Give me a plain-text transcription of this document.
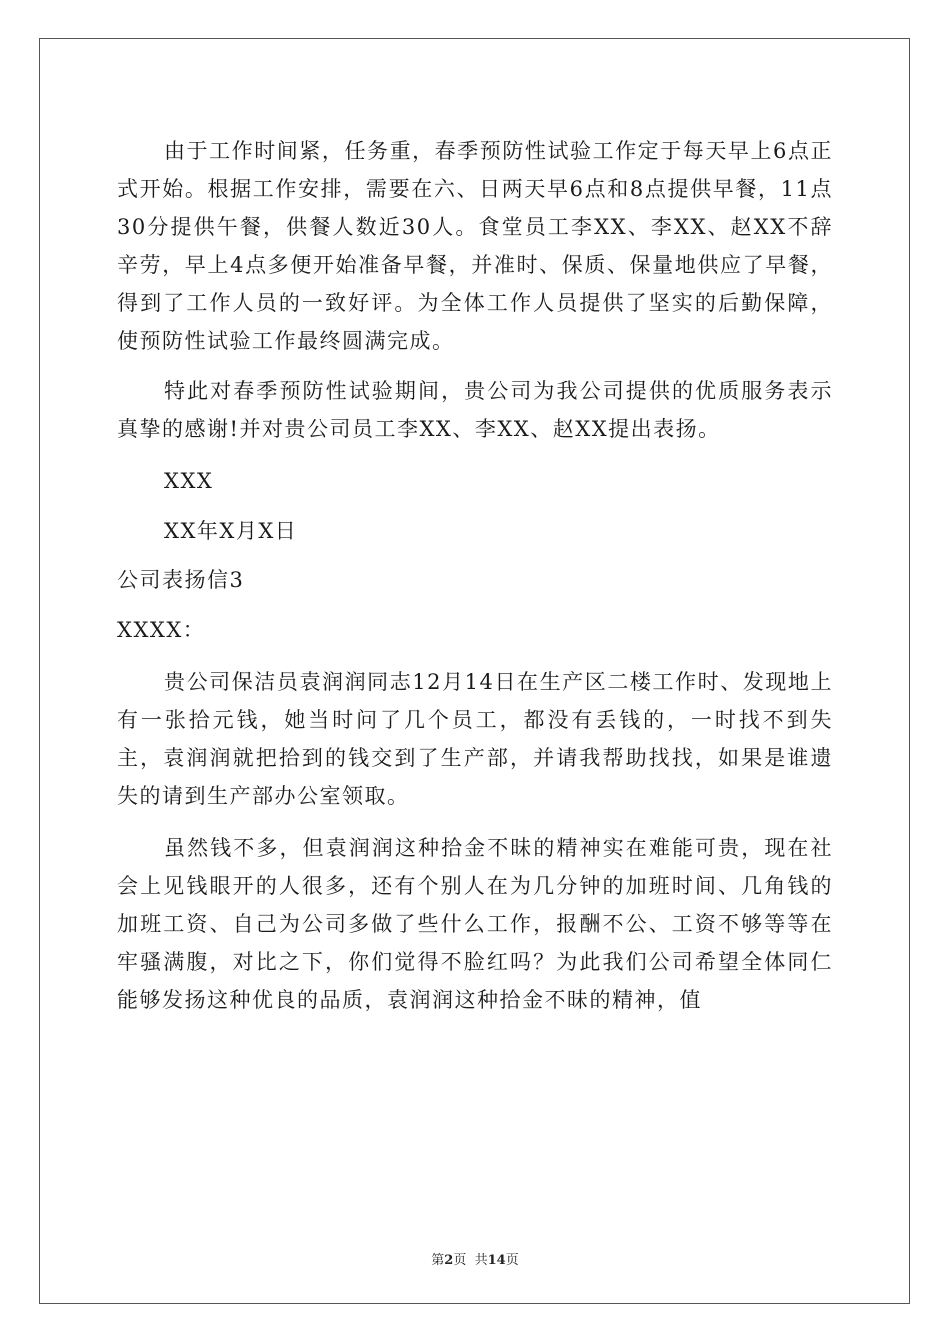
由于工作时间紧，任务重，春季预防性试验工作定于每天早上6点正式开始。根据工作安排，需要在六、日两天早6点和8点提供早餐，11点30分提供午餐，供餐人数近30人。食堂员工李XX、李XX、赵XX不辞辛劳，早上4点多便开始准备早餐，并准时、保质、保量地供应了早餐，得到了工作人员的一致好评。为全体工作人员提供了坚实的后勤保障，使预防性试验工作最终圆满完成。

特此对春季预防性试验期间，贵公司为我公司提供的优质服务表示真挚的感谢!并对贵公司员工李XX、李XX、赵XX提出表扬。

XXX

XX年X月X日

公司表扬信3

XXXX：

贵公司保洁员袁润润同志12月14日在生产区二楼工作时、发现地上有一张拾元钱，她当时问了几个员工，都没有丢钱的，一时找不到失主，袁润润就把拾到的钱交到了生产部，并请我帮助找找，如果是谁遗失的请到生产部办公室领取。

虽然钱不多，但袁润润这种拾金不昧的精神实在难能可贵，现在社会上见钱眼开的人很多，还有个别人在为几分钟的加班时间、几角钱的加班工资、自己为公司多做了些什么工作，报酬不公、工资不够等等在牢骚满腹，对比之下，你们觉得不脸红吗？为此我们公司希望全体同仁能够发扬这种优良的品质，袁润润这种拾金不昧的精神，值

第2页  共14页
